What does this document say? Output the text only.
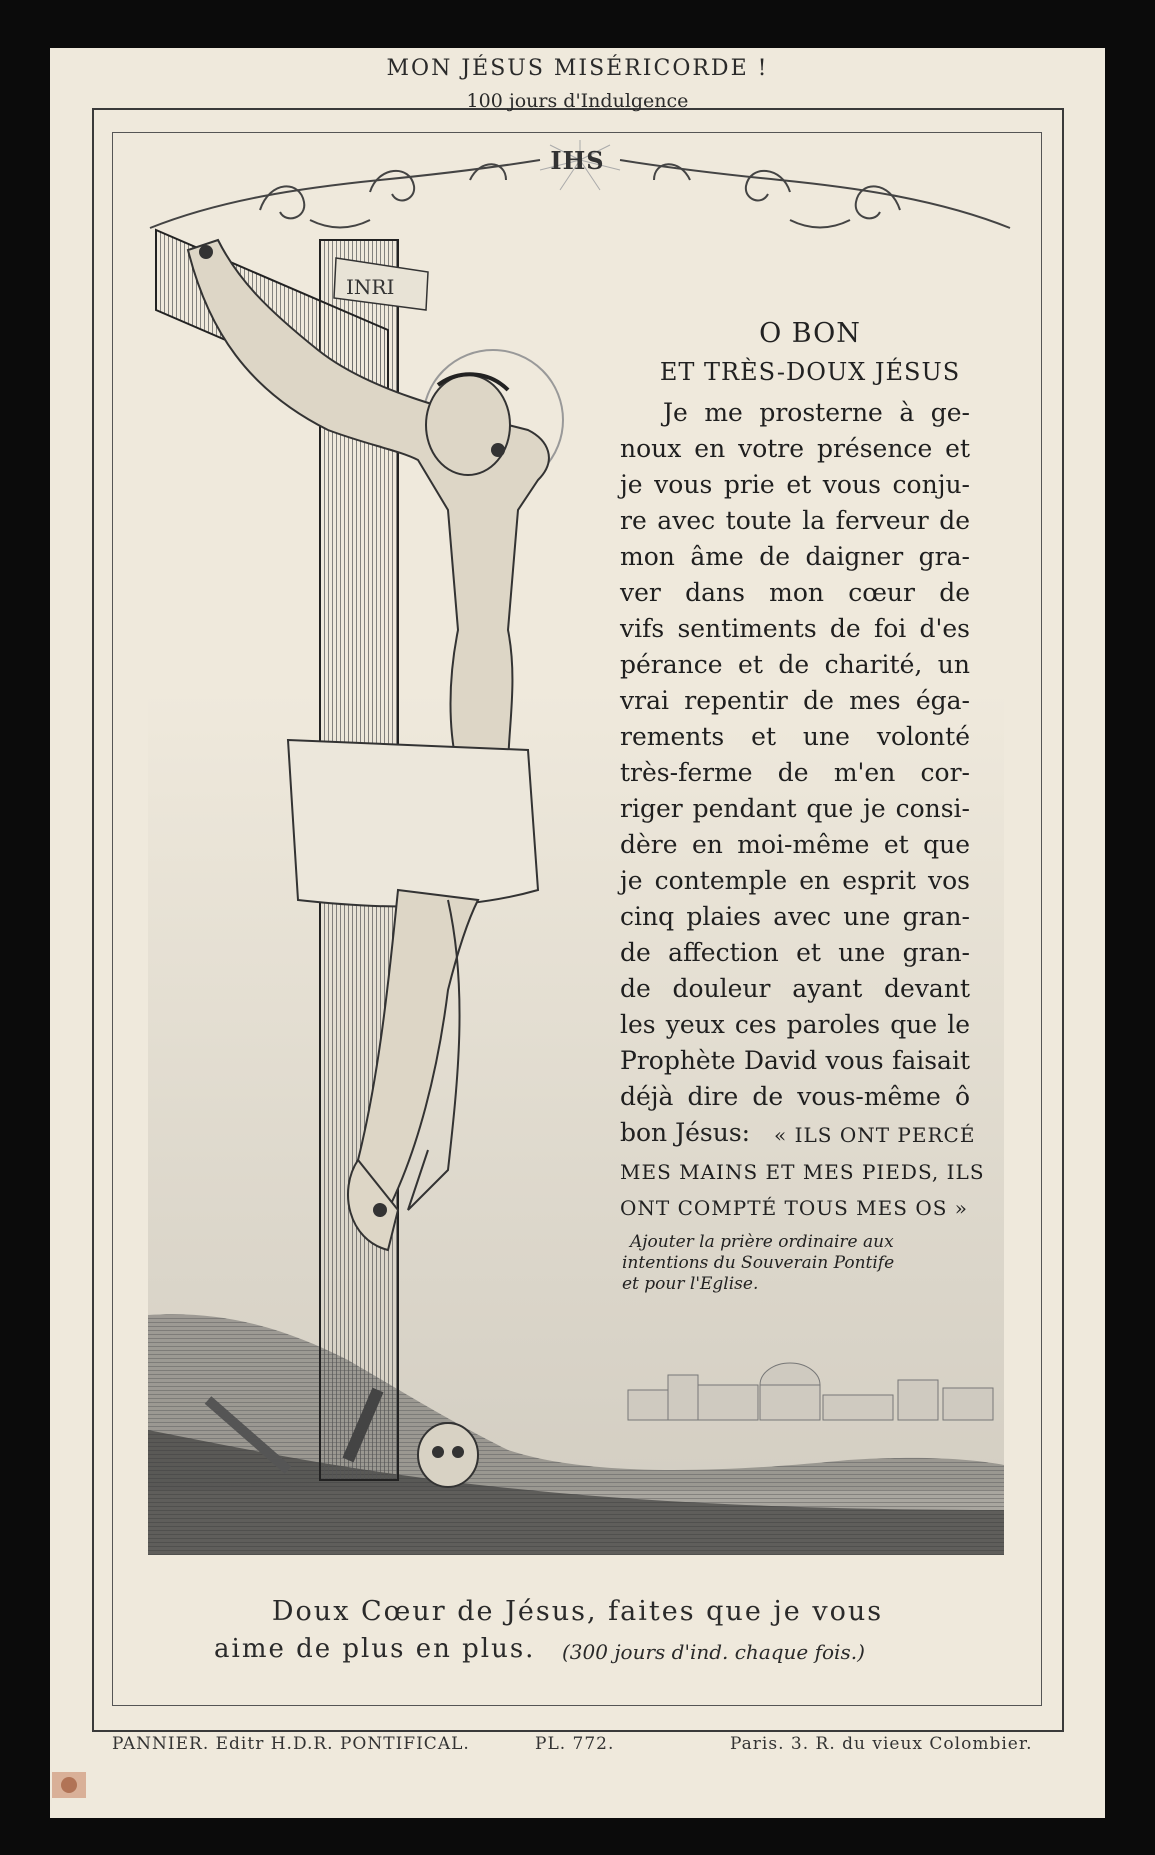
MON JÉSUS MISÉRICORDE !
100 jours d'Indulgence
IHS
INRI
O BON
ET TRÈS-DOUX JÉSUS
Je me prosterne à ge-
noux en votre présence et
je vous prie et vous conju-
re avec toute la ferveur de
mon âme de daigner gra-
ver dans mon cœur de
vifs sentiments de foi d'es
pérance et de charité, un
vrai repentir de mes éga-
rements et une volonté
très-ferme de m'en cor-
riger pendant que je consi-
dère en moi-même et que
je contemple en esprit vos
cinq plaies avec une gran-
de affection et une gran-
de douleur ayant devant
les yeux ces paroles que le
Prophète David vous faisait
déjà dire de vous-même ô
bon Jésus: « ILS ONT PERCÉ
MES MAINS ET MES PIEDS, ILS
ONT COMPTÉ TOUS MES OS »
Ajouter la prière ordinaire aux
intentions du Souverain Pontife
et pour l'Eglise.
Doux Cœur de Jésus, faites que je vous
aime de plus en plus. (300 jours d'ind. chaque fois.)
PANNIER. Editr H.D.R. PONTIFICAL.	PL. 772.	Paris. 3. R. du vieux Colombier.
